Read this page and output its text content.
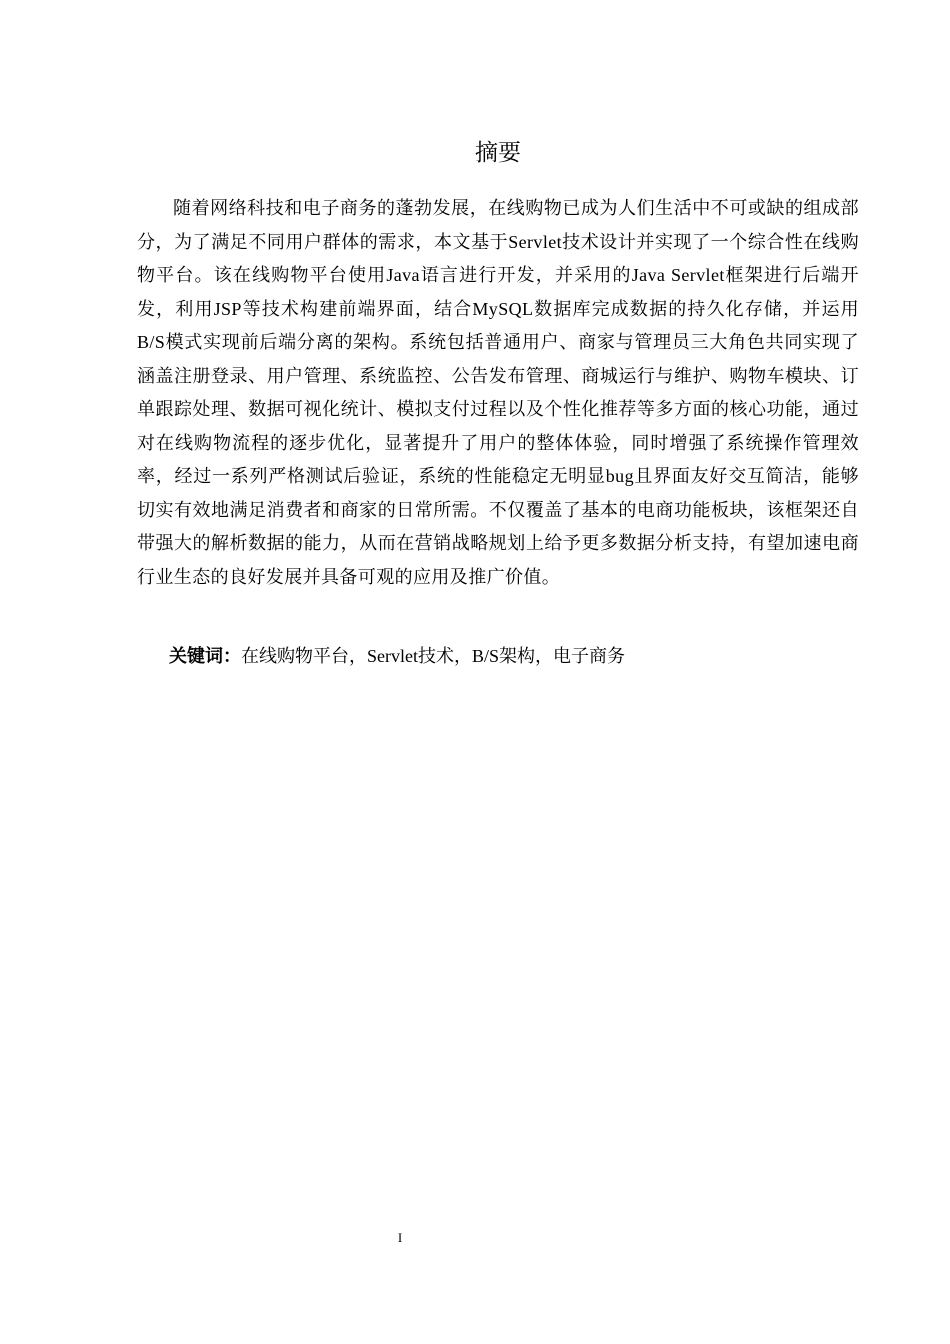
摘要

随着网络科技和电子商务的蓬勃发展，在线购物已成为人们生活中不可或缺的组成部分，为了满足不同用户群体的需求，本文基于Servlet技术设计并实现了一个综合性在线购物平台。该在线购物平台使用Java语言进行开发，并采用的Java Servlet框架进行后端开发，利用JSP等技术构建前端界面，结合MySQL数据库完成数据的持久化存储，并运用B/S模式实现前后端分离的架构。系统包括普通用户、商家与管理员三大角色共同实现了涵盖注册登录、用户管理、系统监控、公告发布管理、商城运行与维护、购物车模块、订单跟踪处理、数据可视化统计、模拟支付过程以及个性化推荐等多方面的核心功能，通过对在线购物流程的逐步优化，显著提升了用户的整体体验，同时增强了系统操作管理效率，经过一系列严格测试后验证，系统的性能稳定无明显bug且界面友好交互简洁，能够切实有效地满足消费者和商家的日常所需。不仅覆盖了基本的电商功能板块，该框架还自带强大的解析数据的能力，从而在营销战略规划上给予更多数据分析支持，有望加速电商行业生态的良好发展并具备可观的应用及推广价值。

关键词：在线购物平台，Servlet技术，B/S架构，电子商务

I
